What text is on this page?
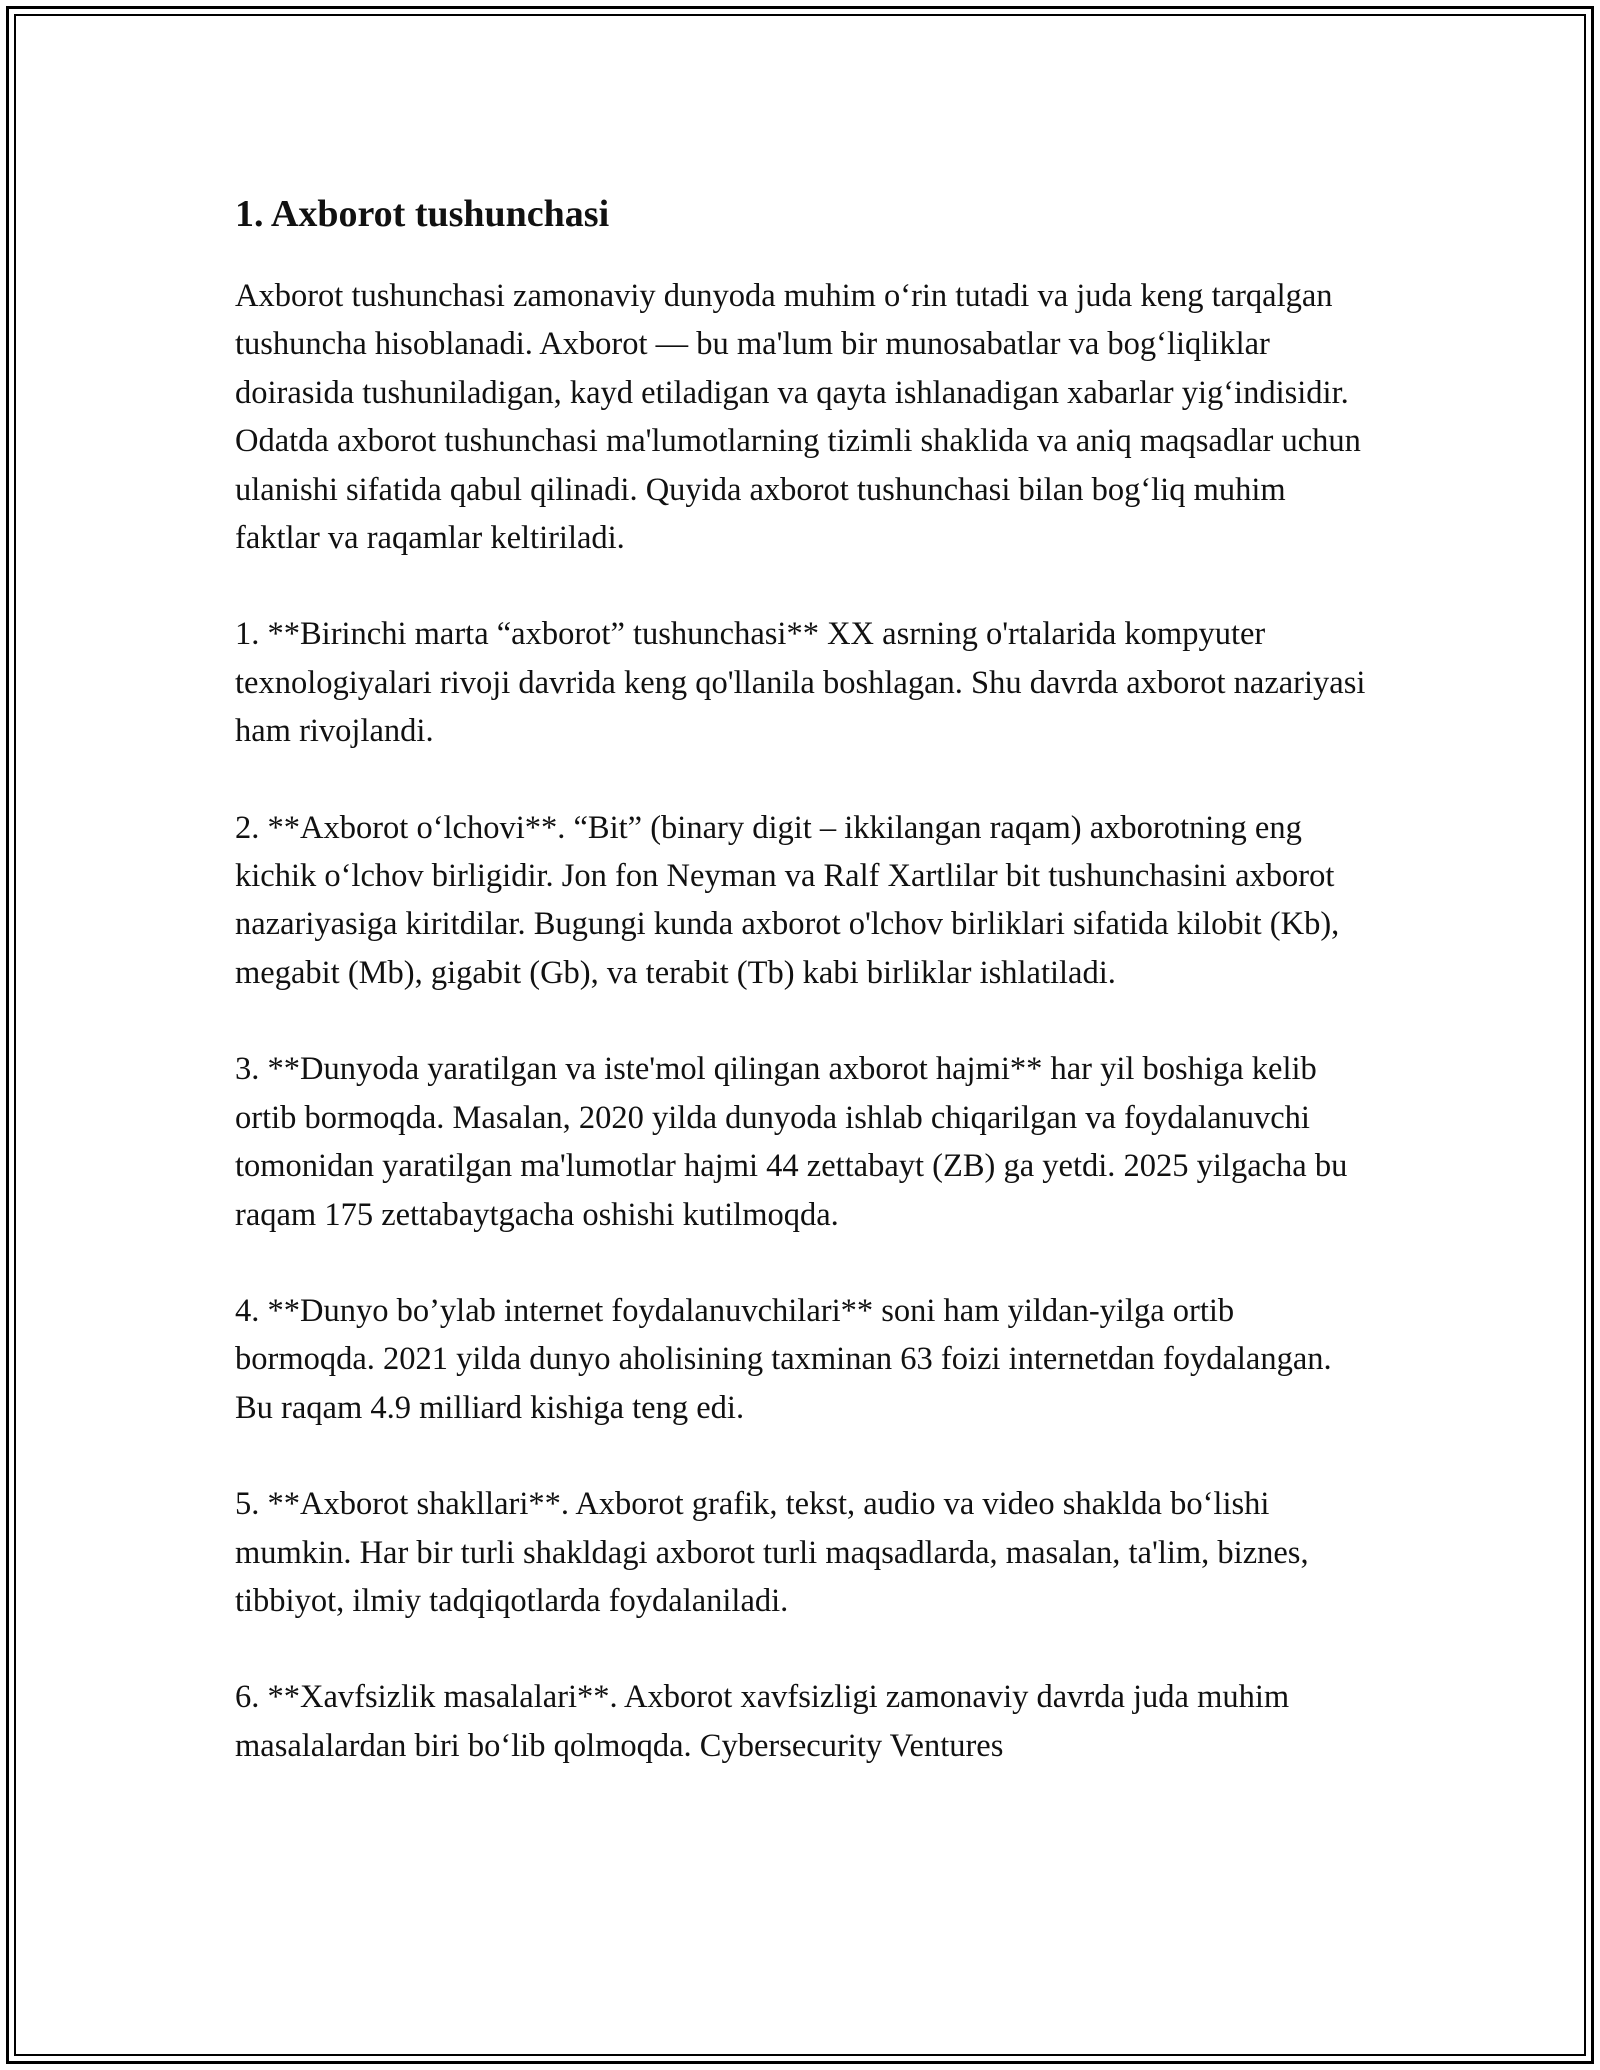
1. Axborot tushunchasi

Axborot tushunchasi zamonaviy dunyoda muhim o‘rin tutadi va juda keng tarqalgan tushuncha hisoblanadi. Axborot — bu ma'lum bir munosabatlar va bog‘liqliklar doirasida tushuniladigan, kayd etiladigan va qayta ishlanadigan xabarlar yig‘indisidir. Odatda axborot tushunchasi ma'lumotlarning tizimli shaklida va aniq maqsadlar uchun ulanishi sifatida qabul qilinadi. Quyida axborot tushunchasi bilan bog‘liq muhim faktlar va raqamlar keltiriladi.

1. **Birinchi marta “axborot” tushunchasi** XX asrning o'rtalarida kompyuter texnologiyalari rivoji davrida keng qo'llanila boshlagan. Shu davrda axborot nazariyasi ham rivojlandi.

2. **Axborot o‘lchovi**. “Bit” (binary digit – ikkilangan raqam) axborotning eng kichik o‘lchov birligidir. Jon fon Neyman va Ralf Xartlilar bit tushunchasini axborot nazariyasiga kiritdilar. Bugungi kunda axborot o'lchov birliklari sifatida kilobit (Kb), megabit (Mb), gigabit (Gb), va terabit (Tb) kabi birliklar ishlatiladi.

3. **Dunyoda yaratilgan va iste'mol qilingan axborot hajmi** har yil boshiga kelib ortib bormoqda. Masalan, 2020 yilda dunyoda ishlab chiqarilgan va foydalanuvchi tomonidan yaratilgan ma'lumotlar hajmi 44 zettabayt (ZB) ga yetdi. 2025 yilgacha bu raqam 175 zettabaytgacha oshishi kutilmoqda.

4. **Dunyo bo’ylab internet foydalanuvchilari** soni ham yildan-yilga ortib bormoqda. 2021 yilda dunyo aholisining taxminan 63 foizi internetdan foydalangan. Bu raqam 4.9 milliard kishiga teng edi.

5. **Axborot shakllari**. Axborot grafik, tekst, audio va video shaklda bo‘lishi mumkin. Har bir turli shakldagi axborot turli maqsadlarda, masalan, ta'lim, biznes, tibbiyot, ilmiy tadqiqotlarda foydalaniladi.

6. **Xavfsizlik masalalari**. Axborot xavfsizligi zamonaviy davrda juda muhim masalalardan biri bo‘lib qolmoqda. Cybersecurity Ventures
